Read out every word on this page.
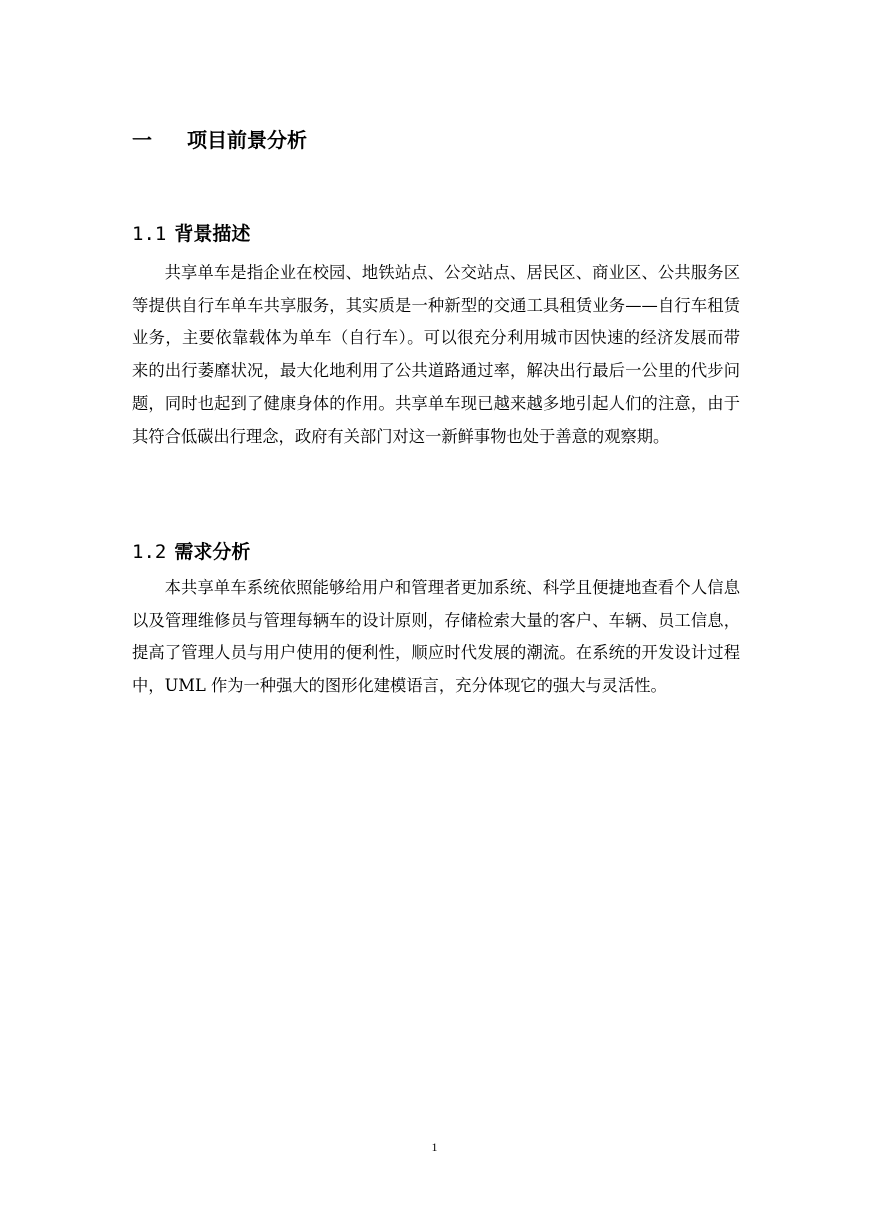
一 项目前景分析
1.1 背景描述

共享单车是指企业在校园、地铁站点、公交站点、居民区、商业区、公共服务区等提供自行车单车共享服务，其实质是一种新型的交通工具租赁业务——自行车租赁业务，主要依靠载体为单车（自行车）。可以很充分利用城市因快速的经济发展而带来的出行萎靡状况，最大化地利用了公共道路通过率，解决出行最后一公里的代步问题，同时也起到了健康身体的作用。共享单车现已越来越多地引起人们的注意，由于其符合低碳出行理念，政府有关部门对这一新鲜事物也处于善意的观察期。

1.2 需求分析

本共享单车系统依照能够给用户和管理者更加系统、科学且便捷地查看个人信息以及管理维修员与管理每辆车的设计原则，存储检索大量的客户、车辆、员工信息，提高了管理人员与用户使用的便利性，顺应时代发展的潮流。在系统的开发设计过程中，UML 作为一种强大的图形化建模语言，充分体现它的强大与灵活性。

1
